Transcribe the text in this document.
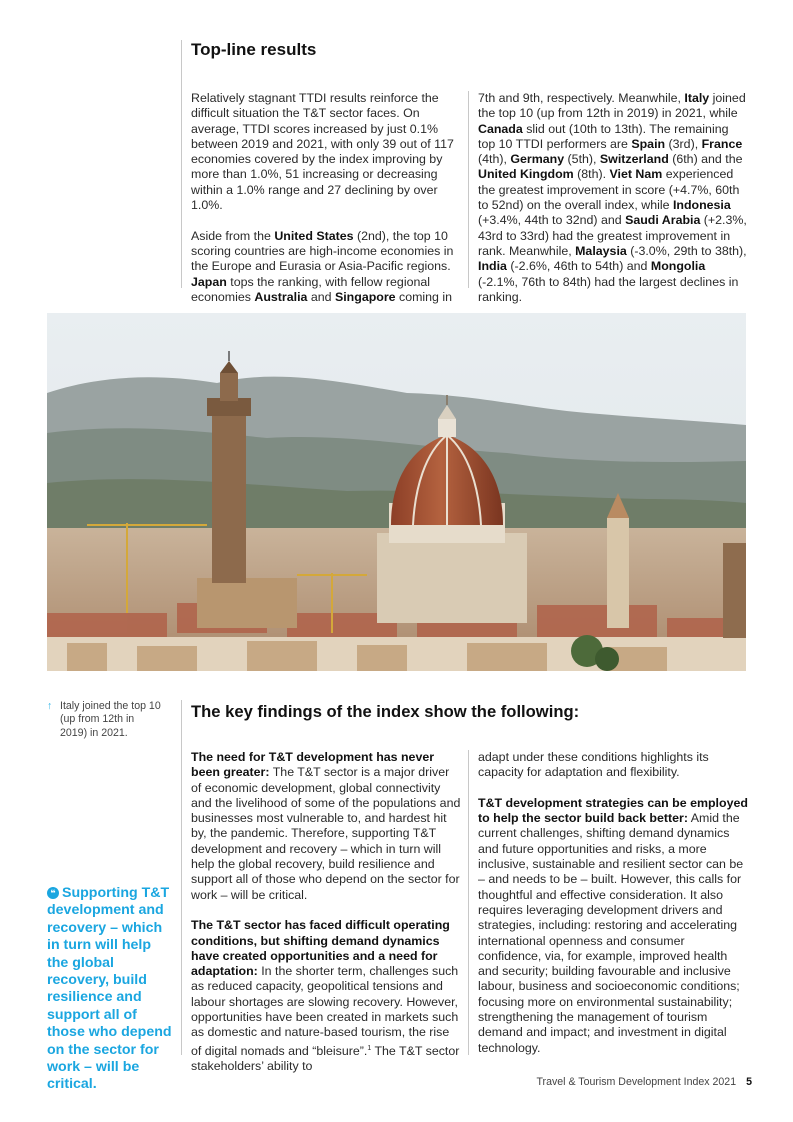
Top-line results

Relatively stagnant TTDI results reinforce the difficult situation the T&T sector faces. On average, TTDI scores increased by just 0.1% between 2019 and 2021, with only 39 out of 117 economies covered by the index improving by more than 1.0%, 51 increasing or decreasing within a 1.0% range and 27 declining by over 1.0%.

Aside from the United States (2nd), the top 10 scoring countries are high-income economies in the Europe and Eurasia or Asia-Pacific regions. Japan tops the ranking, with fellow regional economies Australia and Singapore coming in

7th and 9th, respectively. Meanwhile, Italy joined the top 10 (up from 12th in 2019) in 2021, while Canada slid out (10th to 13th). The remaining top 10 TTDI performers are Spain (3rd), France (4th), Germany (5th), Switzerland (6th) and the United Kingdom (8th). Viet Nam experienced the greatest improvement in score (+4.7%, 60th to 52nd) on the overall index, while Indonesia (+3.4%, 44th to 32nd) and Saudi Arabia (+2.3%, 43rd to 33rd) had the greatest improvement in rank. Meanwhile, Malaysia (-3.0%, 29th to 38th), India (-2.6%, 46th to 54th) and Mongolia (-2.1%, 76th to 84th) had the largest declines in ranking.

↑ Italy joined the top 10 (up from 12th in 2019) in 2021.
❝ Supporting T&T development and recovery – which in turn will help the global recovery, build resilience and support all of those who depend on the sector for work – will be critical.
The key findings of the index show the following:

The need for T&T development has never been greater: The T&T sector is a major driver of economic development, global connectivity and the livelihood of some of the populations and businesses most vulnerable to, and hardest hit by, the pandemic. Therefore, supporting T&T development and recovery – which in turn will help the global recovery, build resilience and support all of those who depend on the sector for work – will be critical.

The T&T sector has faced difficult operating conditions, but shifting demand dynamics have created opportunities and a need for adaptation: In the shorter term, challenges such as reduced capacity, geopolitical tensions and labour shortages are slowing recovery. However, opportunities have been created in markets such as domestic and nature-based tourism, the rise of digital nomads and “bleisure”.$^1$ The T&T sector stakeholders’ ability to

adapt under these conditions highlights its capacity for adaptation and flexibility.

T&T development strategies can be employed to help the sector build back better: Amid the current challenges, shifting demand dynamics and future opportunities and risks, a more inclusive, sustainable and resilient sector can be – and needs to be – built. However, this calls for thoughtful and effective consideration. It also requires leveraging development drivers and strategies, including: restoring and accelerating international openness and consumer confidence, via, for example, improved health and security; building favourable and inclusive labour, business and socioeconomic conditions; focusing more on environmental sustainability; strengthening the management of tourism demand and impact; and investment in digital technology.

Travel & Tourism Development Index 2021 5
